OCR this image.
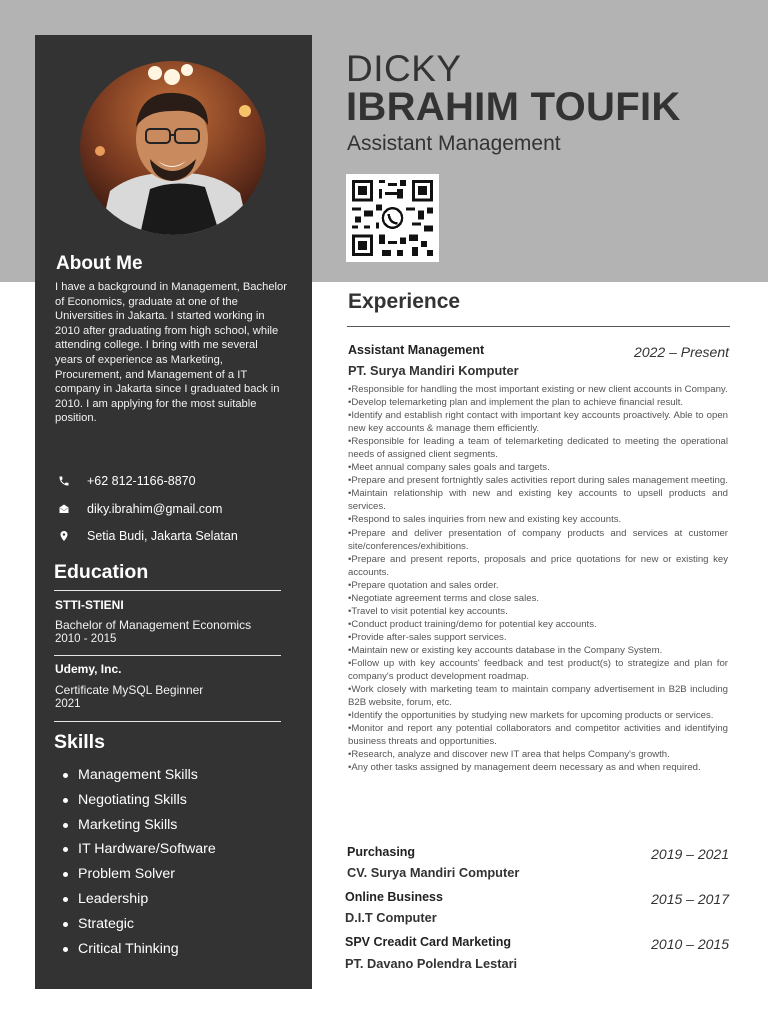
About Me

I have a background in Management, Bachelor of Economics, graduate at one of the Universities in Jakarta. I started working in 2010 after graduating from high school, while attending college. I bring with me several years of experience as Marketing, Procurement, and Management of a IT company in Jakarta since I graduated back in 2010. I am applying for the most suitable position.

+62 812-1166-8870
diky.ibrahim@gmail.com
Setia Budi, Jakarta Selatan
Education
STTI-STIENI
Bachelor of Management Economics
2010 - 2015
Udemy, Inc.
Certificate MySQL Beginner
2021
Skills
Management Skills
Negotiating Skills
Marketing Skills
IT Hardware/Software
Problem Solver
Leadership
Strategic
Critical Thinking
DICKY
IBRAHIM TOUFIK
Assistant Management
Experience
Assistant Management	2022 – Present
PT. Surya Mandiri Komputer

•Responsible for handling the most important existing or new client accounts in Company.

•Develop telemarketing plan and implement the plan to achieve financial result.

•Identify and establish right contact with important key accounts proactively. Able to open new key accounts & manage them efficiently.

•Responsible for leading a team of telemarketing dedicated to meeting the operational needs of assigned client segments.

•Meet annual company sales goals and targets.

•Prepare and present fortnightly sales activities report during sales management meeting.

•Maintain relationship with new and existing key accounts to upsell products and services.

•Respond to sales inquiries from new and existing key accounts.

•Prepare and deliver presentation of company products and services at customer site/conferences/exhibitions.

•Prepare and present reports, proposals and price quotations for new or existing key accounts.

•Prepare quotation and sales order.

•Negotiate agreement terms and close sales.

•Travel to visit potential key accounts.

•Conduct product training/demo for potential key accounts.

•Provide after-sales support services.

•Maintain new or existing key accounts database in the Company System.

•Follow up with key accounts' feedback and test product(s) to strategize and plan for company's product development roadmap.

•Work closely with marketing team to maintain company advertisement in B2B including B2B website, forum, etc.

•Identify the opportunities by studying new markets for upcoming products or services.

•Monitor and report any potential collaborators and competitor activities and identifying business threats and opportunities.

•Research, analyze and discover new IT area that helps Company's growth.

•Any other tasks assigned by management deem necessary as and when required.

Purchasing	2019 – 2021
CV. Surya Mandiri Computer
Online Business	2015 – 2017
D.I.T Computer
SPV Creadit Card Marketing	2010 – 2015
PT. Davano Polendra Lestari
